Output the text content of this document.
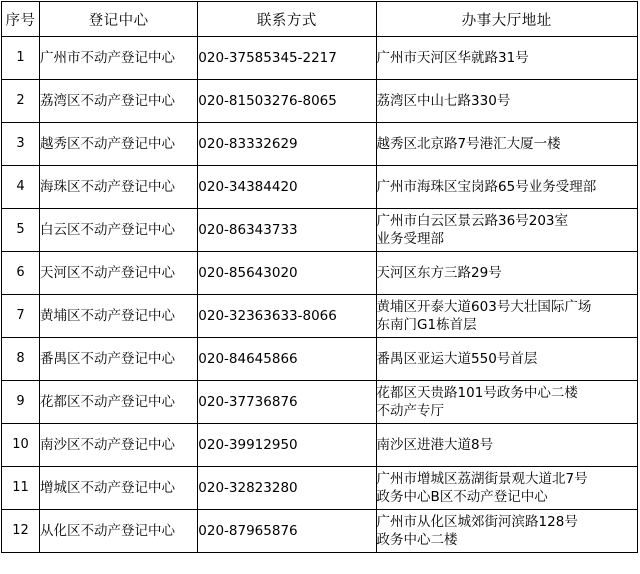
序号	登记中心	联系方式	办事大厅地址
1	广州市不动产登记中心	020-37585345-2217	广州市天河区华就路31号
2	荔湾区不动产登记中心	020-81503276-8065	荔湾区中山七路330号
3	越秀区不动产登记中心	020-83332629	越秀区北京路7号港汇大厦一楼
4	海珠区不动产登记中心	020-34384420	广州市海珠区宝岗路65号业务受理部
5	白云区不动产登记中心	020-86343733	广州市白云区景云路36号203室
业务受理部

6	天河区不动产登记中心	020-85643020	天河区东方三路29号
7	黄埔区不动产登记中心	020-32363633-8066	黄埔区开泰大道603号大壮国际广场
东南门G1栋首层

8	番禺区不动产登记中心	020-84645866	番禺区亚运大道550号首层
9	花都区不动产登记中心	020-37736876	花都区天贵路101号政务中心二楼
不动产专厅

10	南沙区不动产登记中心	020-39912950	南沙区进港大道8号
11	增城区不动产登记中心	020-32823280	广州市增城区荔湖街景观大道北7号
政务中心B区不动产登记中心

12	从化区不动产登记中心	020-87965876	广州市从化区城郊街河滨路128号
政务中心二楼
